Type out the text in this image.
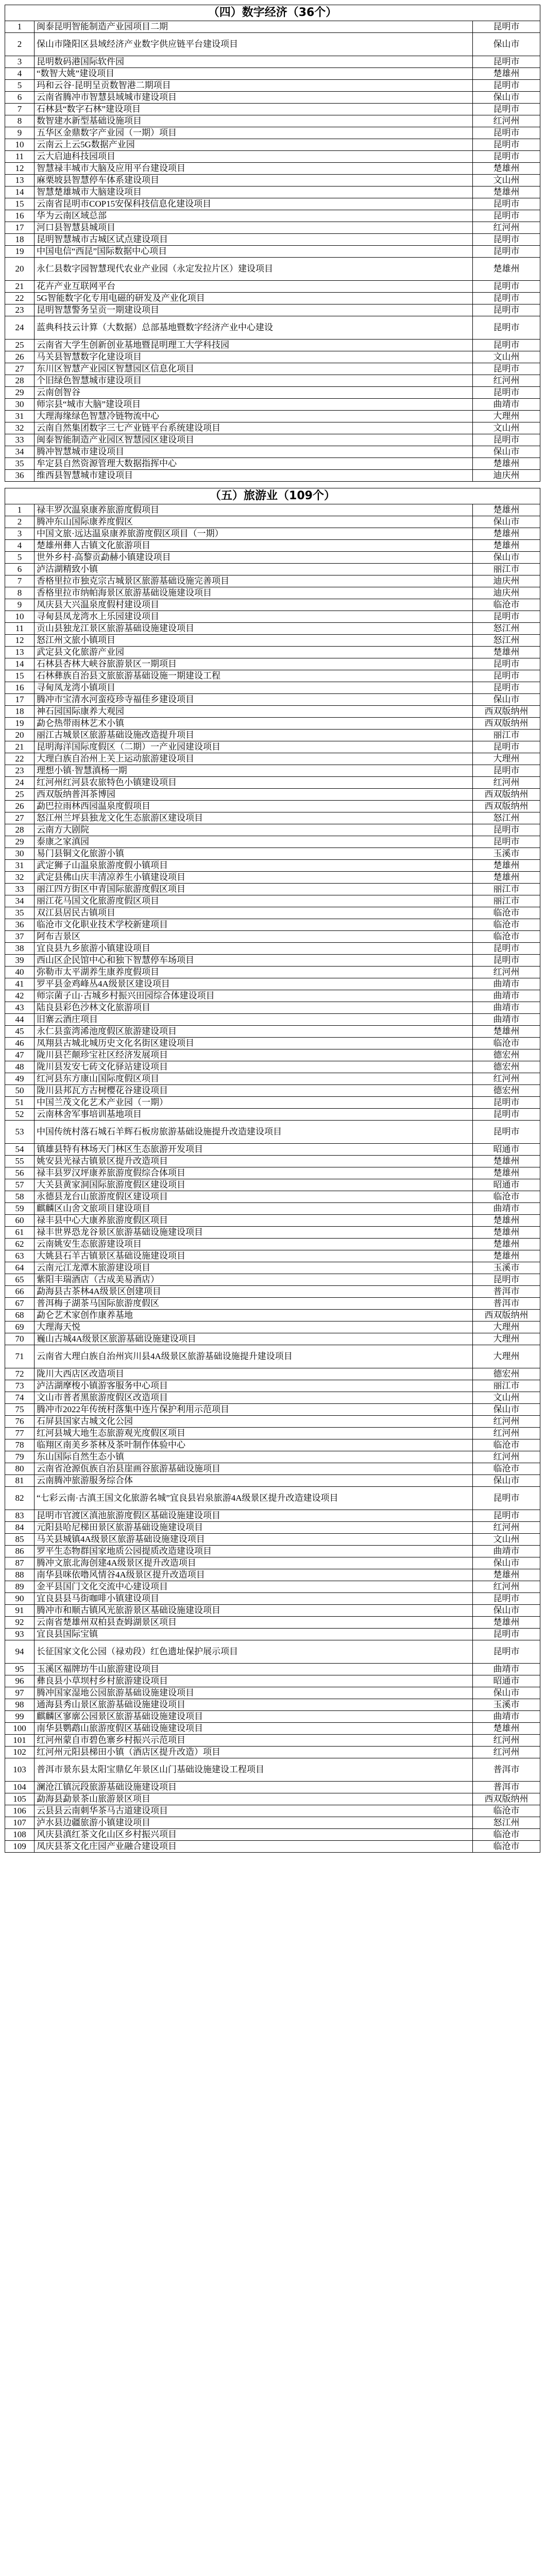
（四）数字经济（36个）
1	闽泰昆明智能制造产业园项目二期	昆明市
2	保山市隆阳区县域经济产业数字供应链平台建设项目	保山市
3	昆明数码港国际软件园	昆明市
4	“数智大姚”建设项目	楚雄州
5	玛和云谷·昆明呈贡数智港二期项目	昆明市
6	云南省腾冲市智慧县域城市建设项目	保山市
7	石林县“数字石林”建设项目	昆明市
8	数智建水新型基础设施项目	红河州
9	五华区金鼎数字产业园（一期）项目	昆明市
10	云南云上云5G数据产业园	昆明市
11	云大启迪科技园项目	昆明市
12	智慧禄丰城市大脑及应用平台建设项目	楚雄州
13	麻栗坡县智慧停车体系建设项目	文山州
14	智慧楚雄城市大脑建设项目	楚雄州
15	云南省昆明市COP15安保科技信息化建设项目	昆明市
16	华为云南区域总部	昆明市
17	河口县智慧县城项目	红河州
18	昆明智慧城市古城区试点建设项目	昆明市
19	中国电信“西昆”国际数据中心项目	昆明市
20	永仁县数字园智慧现代农业产业园（永定发拉片区）建设项目	楚雄州
21	花卉产业互联网平台	昆明市
22	5G智能数字化专用电磁的研发及产业化项目	昆明市
23	昆明智慧警务呈贡一期建设项目	昆明市
24	蓝典科技云计算（大数据）总部基地暨数字经济产业中心建设	昆明市
25	云南省大学生创新创业基地暨昆明理工大学科技园	昆明市
26	马关县智慧数字化建设项目	文山州
27	东川区智慧产业园区智慧园区信息化项目	昆明市
28	个旧绿色智慧城市建设项目	红河州
29	云南创智谷	昆明市
30	师宗县“城市大脑”建设项目	曲靖市
31	大理海缘绿色智慧冷链物流中心	大理州
32	云南自然集团数字三七产业链平台系统建设项目	文山州
33	闽泰智能制造产业园区智慧园区建设项目	昆明市
34	腾冲智慧城市建设项目	保山市
35	牟定县自然资源管理大数据指挥中心	楚雄州
36	维西县智慧城市建设项目	迪庆州
（五）旅游业（109个）
1	禄丰罗次温泉康养旅游度假项目	楚雄州
2	腾冲东山国际康养度假区	保山市
3	中国文旅·远达温泉康养旅游度假区项目（一期）	楚雄州
4	楚雄州彝人古镇文化旅游项目	楚雄州
5	世外乡村·高黎贡勐赫小镇建设项目	保山市
6	泸沽湖精致小镇	丽江市
7	香格里拉市独克宗古城景区旅游基础设施完善项目	迪庆州
8	香格里拉市纳帕海景区旅游基础设施建设项目	迪庆州
9	凤庆县大兴温泉度假村建设项目	临沧市
10	寻甸县凤龙湾水上乐园建设项目	昆明市
11	贡山县独龙江景区旅游基础设施建设项目	怒江州
12	怒江州文旅小镇项目	怒江州
13	武定县文化旅游产业园	楚雄州
14	石林县杏林大峡谷旅游景区一期项目	昆明市
15	石林彝族自治县文旅旅游基础设施一期建设工程	昆明市
16	寻甸凤龙湾小镇项目	昆明市
17	腾冲市宝清水河蛮疫珍寺福佳乡建设项目	保山市
18	神石园国际康养大观园	西双版纳州
19	勐仑热带雨林艺术小镇	西双版纳州
20	丽江古城景区旅游基础设施改造提升项目	丽江市
21	昆明海洋国际度假区（二期）一产业园建设项目	昆明市
22	大理白族自治州上关上运动旅游建设项目	大理州
23	理想小镇·智慧滇杨一期	昆明市
24	红河州红河县农旅特色小镇建设项目	红河州
25	西双版纳普洱茶博园	西双版纳州
26	勐巴拉雨林西园温泉度假项目	西双版纳州
27	怒江州兰坪县独龙文化生态旅游区建设项目	怒江州
28	云南方大剧院	昆明市
29	泰康之家滇园	昆明市
30	易门县铜文化旅游小镇	玉溪市
31	武定狮子山温泉旅游度假小镇项目	楚雄州
32	武定县佛山庆丰清凉养生小镇建设项目	楚雄州
33	丽江四方街区中青国际旅游度假区项目	丽江市
34	丽江花马国文化旅游度假区项目	丽江市
35	双江县居民古镇项目	临沧市
36	临沧市文化职业技术学校新建项目	临沧市
37	阿布吉景区	临沧市
38	宜良县九乡旅游小镇建设项目	昆明市
39	西山区企民馆中心和独下智慧停车场项目	昆明市
40	弥勒市太平湖养生康养度假项目	红河州
41	罗平县金鸡峰丛4A级景区建设项目	曲靖市
42	师宗菌子山·古城乡村振兴田园综合体建设项目	曲靖市
43	陆良县彩色沙林文化旅游项目	曲靖市
44	旧寨云酒庄项目	曲靖市
45	永仁县蛮湾浠池度假区旅游建设项目	楚雄州
46	凤翔县古城北城历史文化名街区建设项目	临沧市
47	陇川县芒颠珍宝社区经济发展项目	德宏州
48	陇川县发安七砖文化驿站建设项目	德宏州
49	红河县东方康山国际度假区项目	红河州
50	陇川县邦瓦方古树樱花谷建设项目	德宏州
51	中国兰茂文化艺术产业园（一期）	昆明市
52	云南林舍军事培训基地项目	昆明市
53	中国传统村落石城石羊辉石板房旅游基础设施提升改造建设项目	昆明市
54	镇雄县特有林场天门林区生态旅游开发项目	昭通市
55	姚安县光禄古镇景区提升改造项目	楚雄州
56	禄丰县罗汉坪康养旅游度假综合体项目	楚雄州
57	大关县黄家洞国际旅游度假区建设项目	昭通市
58	永德县龙台山旅游度假区建设项目	临沧市
59	麒麟区山舍文旅项目建设项目	曲靖市
60	禄丰县中心大康养旅游度假区项目	楚雄州
61	禄丰世界恐龙谷景区旅游基础设施建设项目	楚雄州
62	云南姚安生态旅游建设项目	楚雄州
63	大姚县石羊古镇景区基础设施建设项目	楚雄州
64	云南元江龙潭木旅游建设项目	玉溪市
65	紫阳丰瑞酒店（古成美易酒店）	昆明市
66	勐海县古茶林4A级景区创建项目	普洱市
67	普洱梅子湖茶马国际旅游度假区	普洱市
68	勐仑艺术家创作康养基地	西双版纳州
69	大理海天悦	大理州
70	巍山古城4A级景区旅游基础设施建设项目	大理州
71	云南省大理白族自治州宾川县4A级景区旅游基础设施提升建设项目	大理州
72	陇川大西店区改造项目	德宏州
73	泸沽湖摩梭小镇游客服务中心项目	丽江市
74	文山市普者黑旅游度假区改造项目	文山州
75	腾冲市2022年传统村落集中连片保护利用示范项目	保山市
76	石屏县国家古城文化公园	红河州
77	红河县城大地生态旅游观光度假区项目	红河州
78	临翔区南美乡茶林及茶叶制作体验中心	临沧市
79	东山国际自然生态小镇	红河州
80	云南省沧源佤族自治县崖画谷旅游基础设施项目	临沧市
81	云南腾冲旅游服务综合体	保山市
82	“七彩云南·古滇王国文化旅游名城”宜良县岩泉旅游4A级景区提升改造建设项目	昆明市
83	昆明市官渡区滇池旅游度假区基础设施建设项目	昆明市
84	元阳县哈尼梯田景区旅游基础设施建设项目	红河州
85	马关县城镇4A级景区旅游基础设施建设项目	文山州
86	罗平生态物群国家地质公园提质改造建设项目	曲靖市
87	腾冲文旅北海创建4A级景区提升改造项目	保山市
88	南华县咪依噜风情谷4A级景区提升改造项目	楚雄州
89	金平县国门文化交流中心建设项目	红河州
90	宜良县县马街咖啡小镇建设项目	昆明市
91	腾冲市和顺古镇风光旅游景区基础设施建设项目	保山市
92	云南省楚雄州双柏县查姆湖景区项目	楚雄州
93	宜良县国际宝镇	昆明市
94	长征国家文化公园（禄劝段）红色遗址保护展示项目	昆明市
95	玉溪区福牌坊牛山旅游建设项目	曲靖市
96	彝良县小草坝村乡村旅游建设项目	昭通市
97	腾冲国家湿地公园旅游基础设施建设项目	保山市
98	通海县秀山景区旅游基础设施建设项目	玉溪市
99	麒麟区寥廓公园景区旅游基础设施建设项目	曲靖市
100	南华县鹦鹉山旅游度假区基础设施建设项目	楚雄州
101	红河州蒙自市碧色寨乡村振兴示范项目	红河州
102	红河州元阳县梯田小镇（酒店区提升改造）项目	红河州
103	普洱市景东县太阳宝鼎亿年景区山门基础设施建设工程项目	普洱市
104	澜沧江镇沅段旅游基础设施建设项目	普洱市
105	勐海县勐景茶山旅游景区项目	西双版纳州
106	云县县云南刺华茶马古道建设项目	临沧市
107	泸水县边疆旅游小镇建设项目	怒江州
108	风庆县滇红茶文化山区乡村振兴项目	临沧市
109	凤庆县茶文化庄园产业融合建设项目	临沧市
